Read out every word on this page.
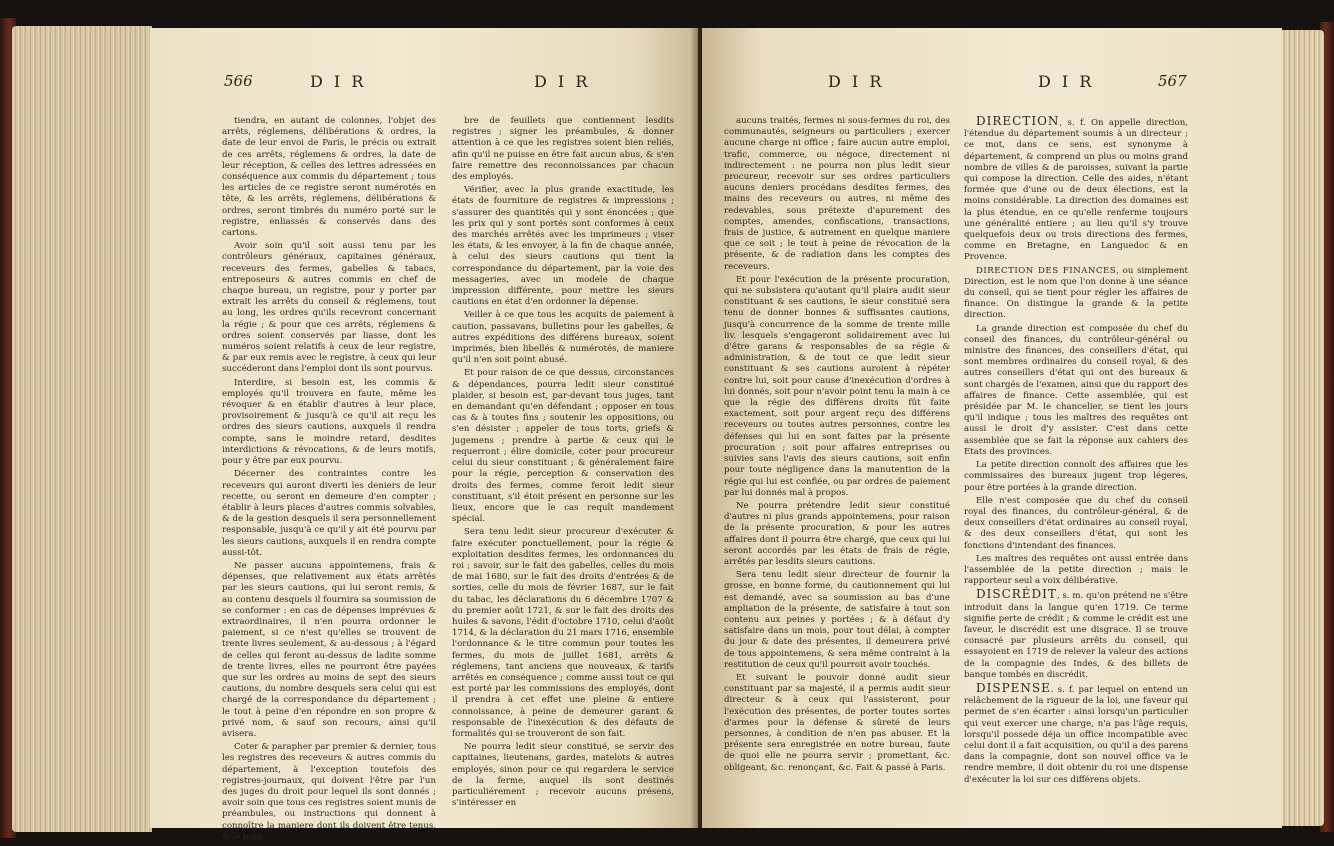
566	D I R	D I R

tiendra, en autant de colonnes, l'objet des arrêts, réglemens, délibérations & ordres, la date de leur envoi de Paris, le précis ou extrait de ces arrêts, réglemens & ordres, la date de leur réception, & celles des lettres adressées en conséquence aux commis du département ; tous les articles de ce registre seront numérotés en tête, & les arrêts, réglemens, délibérations & ordres, seront timbrés du numéro porté sur le registre, enliassés & conservés dans des cartons.

Avoir soin qu'il soit aussi tenu par les contrôleurs généraux, capitaines généraux, receveurs des fermes, gabelles & tabacs, entreposeurs & autres commis en chef de chaque bureau, un registre, pour y porter par extrait les arrêts du conseil & réglemens, tout au long, les ordres qu'ils recevront concernant la régie ; & pour que ces arrêts, réglemens & ordres soient conservés par liasse, dont les numéros soient relatifs à ceux de leur registre, & par eux remis avec le registre, à ceux qui leur succéderont dans l'emploi dont ils sont pourvus.

Interdire, si besoin est, les commis & employés qu'il trouvera en faute, même les révoquer & en établir d'autres à leur place, provisoirement & jusqu'à ce qu'il ait reçu les ordres des sieurs cautions, auxquels il rendra compte, sans le moindre retard, desdites interdictions & révocations, & de leurs motifs, pour y être par eux pourvu.

Décerner des contraintes contre les receveurs qui auront diverti les deniers de leur recette, ou seront en demeure d'en compter ; établir à leurs places d'autres commis solvables, & de la gestion desquels il sera personnellement responsable, jusqu'à ce qu'il y ait été pourvu par les sieurs cautions, auxquels il en rendra compte aussi-tôt.

Ne passer aucuns appointemens, frais & dépenses, que relativement aux états arrêtés par les sieurs cautions, qui lui seront remis, & au contenu desquels il fournira sa soumission de se conformer : en cas de dépenses imprévues & extraordinaires, il n'en pourra ordonner le paiement, si ce n'est qu'elles se trouvent de trente livres seulement, & au-dessous ; à l'égard de celles qui feront au-dessus de ladite somme de trente livres, elles ne pourront être payées que sur les ordres au moins de sept des sieurs cautions, du nombre desquels sera celui qui est chargé de la correspondance du département ; le tout à peine d'en répondre en son propre & privé nom, & sauf son recours, ainsi qu'il avisera.

Coter & parapher par premier & dernier, tous les registres des receveurs & autres commis du département, à l'exception toutefois des registres-journaux, qui doivent l'être par l'un des juges du droit pour lequel ils sont donnés ; avoir soin que tous ces registres soient munis de préambules, ou instructions qui donnent à connoître la maniere dont ils doivent être tenus, & le nom-

bre de feuillets que contiennent lesdits registres ; signer les préambules, & donner attention à ce que les registres soient bien reliés, afin qu'il ne puisse en être fait aucun abus, & s'en faire remettre des reconnoissances par chacun des employés.

Vérifier, avec la plus grande exactitude, les états de fourniture de registres & impressions ; s'assurer des quantités qui y sont énoncées ; que les prix qui y sont portés sont conformes à ceux des marchés arrêtés avec les imprimeurs ; viser les états, & les envoyer, à la fin de chaque année, à celui des sieurs cautions qui tient la correspondance du département, par la voie des messageries, avec un modele de chaque impression différente, pour mettre les sieurs cautions en état d'en ordonner la dépense.

Veiller à ce que tous les acquits de paiement à caution, passavans, bulletins pour les gabelles, & autres expéditions des différens bureaux, soient imprimés, bien libellés & numérotés, de maniere qu'il n'en soit point abusé.

Et pour raison de ce que dessus, circonstances & dépendances, pourra ledit sieur constitué plaider, si besoin est, par-devant tous juges, tant en demandant qu'en défendant ; opposer en tous cas & à toutes fins ; soutenir les oppositions, ou s'en désister ; appeler de tous torts, griefs & jugemens ; prendre à partie & ceux qui le requerront ; élire domicile, coter pour procureur celui du sieur constituant ; & généralement faire pour la régie, perception & conservation des droits des fermes, comme feroit ledit sieur constituant, s'il étoit présent en personne sur les lieux, encore que le cas requît mandement spécial.

Sera tenu ledit sieur procureur d'exécuter & faire exécuter ponctuellement, pour la régie & exploitation desdites fermes, les ordonnances du roi ; savoir, sur le fait des gabelles, celles du mois de mai 1680, sur le fait des droits d'entrées & de sorties, celle du mois de février 1687, sur le fait du tabac, les déclarations du 6 décembre 1707 & du premier août 1721, & sur le fait des droits des huiles & savons, l'édit d'octobre 1710, celui d'août 1714, & la déclaration du 21 mars 1716, ensemble l'ordonnance & le titre commun pour toutes les fermes, du mois de juillet 1681, arrêts & réglemens, tant anciens que nouveaux, & tarifs arrêtés en conséquence ; comme aussi tout ce qui est porté par les commissions des employés, dont il prendra à cet effet une pleine & entiere connoissance, à peine de demeurer garant & responsable de l'inexécution & des défauts de formalités qui se trouveront de son fait.

Ne pourra ledit sieur constitué, se servir des capitaines, lieutenans, gardes, matelots & autres employés, sinon pour ce qui regardera le service de la ferme, auquel ils sont destinés particuliérement ; recevoir aucuns présens, s'intéresser en

D I R	D I R	567

aucuns traités, fermes ni sous-fermes du roi, des communautés, seigneurs ou particuliers ; exercer aucune charge ni office ; faire aucun autre emploi, trafic, commerce, ou négoce, directement ni indirectement : ne pourra non plus ledit sieur procureur, recevoir sur ses ordres particuliers aucuns deniers procédans desdites fermes, des mains des receveurs ou autres, ni même des redevables, sous prétexte d'apurement des comptes, amendes, confiscations, transactions, frais de justice, & autrement en quelque maniere que ce soit ; le tout à peine de révocation de la présente, & de radiation dans les comptes des receveurs.

Et pour l'exécution de la présente procuration, qui ne subsistera qu'autant qu'il plaira audit sieur constituant & ses cautions, le sieur constitué sera tenu de donner bonnes & suffisantes cautions, jusqu'à concurrence de la somme de trente mille liv. lesquels s'engageront solidairement avec lui d'être garans & responsables de sa régie & administration, & de tout ce que ledit sieur constituant & ses cautions auroient à répéter contre lui, soit pour cause d'inexécution d'ordres à lui donnés, soit pour n'avoir point tenu la main à ce que la régie des différens droits fût faite exactement, soit pour argent reçu des différens receveurs ou toutes autres personnes, contre les défenses qui lui en sont faites par la présente procuration ; soit pour affaires entreprises ou suivies sans l'avis des sieurs cautions, soit enfin pour toute négligence dans la manutention de la régie qui lui est confiée, ou par ordres de paiement par lui donnés mal à propos.

Ne pourra prétendre ledit sieur constitué d'autres ni plus grands appointemens, pour raison de la présente procuration, & pour les autres affaires dont il pourra être chargé, que ceux qui lui seront accordés par les états de frais de régie, arrêtés par lesdits sieurs cautions.

Sera tenu ledit sieur directeur de fournir la grosse, en bonne forme, du cautionnement qui lui est demandé, avec sa soumission au bas d'une ampliation de la présente, de satisfaire à tout son contenu aux peines y portées ; & à défaut d'y satisfaire dans un mois, pour tout délai, à compter du jour & date des présentes, il demeurera privé de tous appointemens, & sera même contraint à la restitution de ceux qu'il pourroit avoir touchés.

Et suivant le pouvoir donné audit sieur constituant par sa majesté, il a permis audit sieur directeur & à ceux qui l'assisteront, pour l'exécution des présentes, de porter toutes sortes d'armes pour la défense & sûreté de leurs personnes, à condition de n'en pas abuser. Et la présente sera enregistrée en notre bureau, faute de quoi elle ne pourra servir ; promettant, &c. obligeant, &c. renonçant, &c. Fait & passé à Paris.

DIRECTION, s. f. On appelle direction, l'étendue du département soumis à un directeur ; ce mot, dans ce sens, est synonyme à département, & comprend un plus ou moins grand nombre de villes & de paroisses, suivant la partie qui compose la direction. Celle des aides, n'étant formée que d'une ou de deux élections, est la moins considérable. La direction des domaines est la plus étendue, en ce qu'elle renferme toujours une généralité entiere ; au lieu qu'il s'y trouve quelquefois deux ou trois directions des fermes, comme en Bretagne, en Languedoc & en Provence.

DIRECTION DES FINANCES, ou simplement Direction, est le nom que l'on donne à une séance du conseil, qui se tient pour régler les affaires de finance. On distingue la grande & la petite direction.

La grande direction est composée du chef du conseil des finances, du contrôleur-général ou ministre des finances, des conseillers d'état, qui sont membres ordinaires du conseil royal, & des autres conseillers d'état qui ont des bureaux & sont chargés de l'examen, ainsi que du rapport des affaires de finance. Cette assemblée, qui est présidée par M. le chancelier, se tient les jours qu'il indique ; tous les maîtres des requêtes ont aussi le droit d'y assister. C'est dans cette assemblée que se fait la réponse aux cahiers des Etats des provinces.

La petite direction connoît des affaires que les commissaires des bureaux jugent trop légeres, pour être portées à la grande direction.

Elle n'est composée que du chef du conseil royal des finances, du contrôleur-général, & de deux conseillers d'état ordinaires au conseil royal, & des deux conseillers d'état, qui sont les fonctions d'intendant des finances.

Les maîtres des requêtes ont aussi entrée dans l'assemblée de la petite direction ; mais le rapporteur seul a voix délibérative.

DISCRÉDIT, s. m. qu'on prétend ne s'être introduit dans la langue qu'en 1719. Ce terme signifie perte de crédit ; & comme le crédit est une faveur, le discrédit est une disgrace. Il se trouve consacré par plusieurs arrêts du conseil, qui essayoient en 1719 de relever la valeur des actions de la compagnie des Indes, & des billets de banque tombés en discrédit.

DISPENSE. s. f. par lequel on entend un relâchement de la rigueur de la loi, une faveur qui permet de s'en écarter : ainsi lorsqu'un particulier qui veut exercer une charge, n'a pas l'âge requis, lorsqu'il possede déja un office incompatible avec celui dont il a fait acquisition, ou qu'il a des parens dans la compagnie, dont son nouvel office va le rendre membre, il doit obtenir du roi une dispense d'exécuter la loi sur ces différens objets.
